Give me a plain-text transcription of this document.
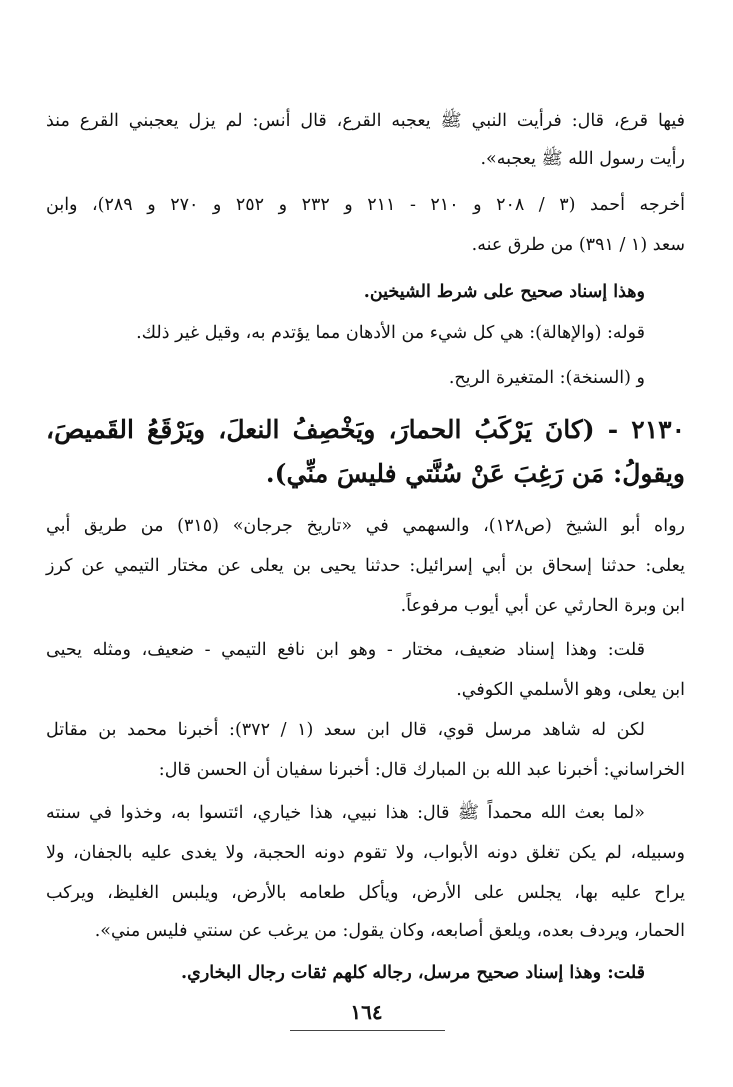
فيها قرع، قال: فرأيت النبي ﷺ يعجبه القرع، قال أنس: لم يزل يعجبني القرع منذ
رأيت رسول الله ﷺ يعجبه».
أخرجه أحمد (٣ / ٢٠٨ و ٢١٠ - ٢١١ و ٢٣٢ و ٢٥٢ و ٢٧٠ و ٢٨٩)، وابن
سعد (١ / ٣٩١) من طرق عنه.
وهذا إسناد صحيح على شرط الشيخين.
قوله: (والإهالة): هي كل شيء من الأدهان مما يؤتدم به، وقيل غير ذلك.
و (السنخة): المتغيرة الريح.
٢١٣٠ - (كانَ يَرْكَبُ الحمارَ، ويَخْصِفُ النعلَ، ويَرْقَعُ القَميصَ،
ويقولُ: مَن رَغِبَ عَنْ سُنَّتي فليسَ منِّي).
رواه أبو الشيخ (ص١٢٨)، والسهمي في «تاريخ جرجان» (٣١٥) من طريق أبي
يعلى: حدثنا إسحاق بن أبي إسرائيل: حدثنا يحيى بن يعلى عن مختار التيمي عن كرز
ابن وبرة الحارثي عن أبي أيوب مرفوعاً.
قلت: وهذا إسناد ضعيف، مختار - وهو ابن نافع التيمي - ضعيف، ومثله يحيى
ابن يعلى، وهو الأسلمي الكوفي.
لكن له شاهد مرسل قوي، قال ابن سعد (١ / ٣٧٢): أخبرنا محمد بن مقاتل
الخراساني: أخبرنا عبد الله بن المبارك قال: أخبرنا سفيان أن الحسن قال:
«لما بعث الله محمداً ﷺ قال: هذا نبيي، هذا خياري، ائتسوا به، وخذوا في سنته
وسبيله، لم يكن تغلق دونه الأبواب، ولا تقوم دونه الحجبة، ولا يغدى عليه بالجفان، ولا
يراح عليه بها، يجلس على الأرض، ويأكل طعامه بالأرض، ويلبس الغليظ، ويركب
الحمار، ويردف بعده، ويلعق أصابعه، وكان يقول: من يرغب عن سنتي فليس مني».
قلت: وهذا إسناد صحيح مرسل، رجاله كلهم ثقات رجال البخاري.
١٦٤
